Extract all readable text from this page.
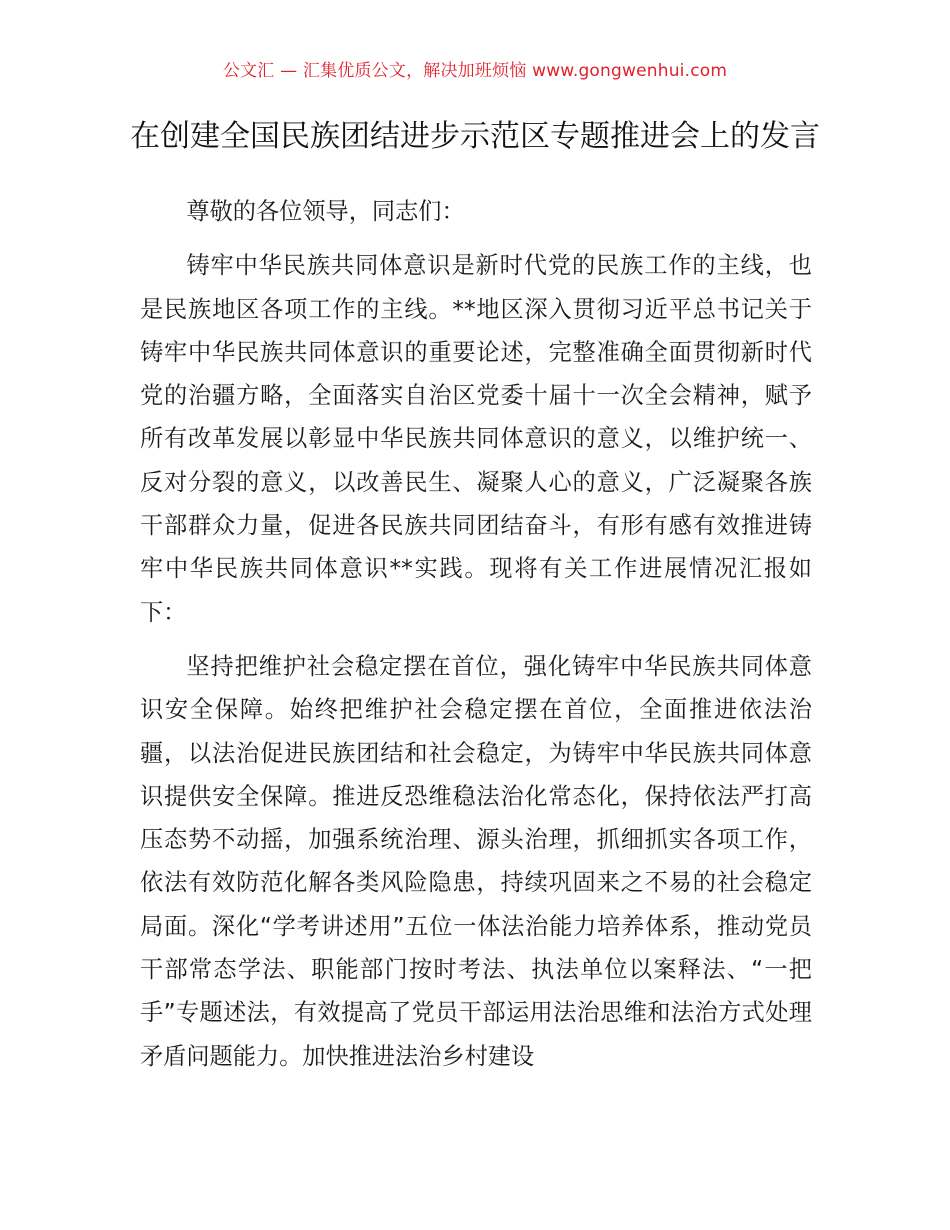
公文汇 — 汇集优质公文，解决加班烦恼 www.gongwenhui.com
在创建全国民族团结进步示范区专题推进会上的发言

尊敬的各位领导，同志们：

铸牢中华民族共同体意识是新时代党的民族工作的主线，也是民族地区各项工作的主线。**地区深入贯彻习近平总书记关于铸牢中华民族共同体意识的重要论述，完整准确全面贯彻新时代党的治疆方略，全面落实自治区党委十届十一次全会精神，赋予所有改革发展以彰显中华民族共同体意识的意义，以维护统一、反对分裂的意义，以改善民生、凝聚人心的意义，广泛凝聚各族干部群众力量，促进各民族共同团结奋斗，有形有感有效推进铸牢中华民族共同体意识**实践。现将有关工作进展情况汇报如下：

坚持把维护社会稳定摆在首位，强化铸牢中华民族共同体意识安全保障。始终把维护社会稳定摆在首位，全面推进依法治疆，以法治促进民族团结和社会稳定，为铸牢中华民族共同体意识提供安全保障。推进反恐维稳法治化常态化，保持依法严打高压态势不动摇，加强系统治理、源头治理，抓细抓实各项工作，依法有效防范化解各类风险隐患，持续巩固来之不易的社会稳定局面。深化“学考讲述用”五位一体法治能力培养体系，推动党员干部常态学法、职能部门按时考法、执法单位以案释法、“一把手”专题述法，有效提高了党员干部运用法治思维和法治方式处理矛盾问题能力。加快推进法治乡村建设
